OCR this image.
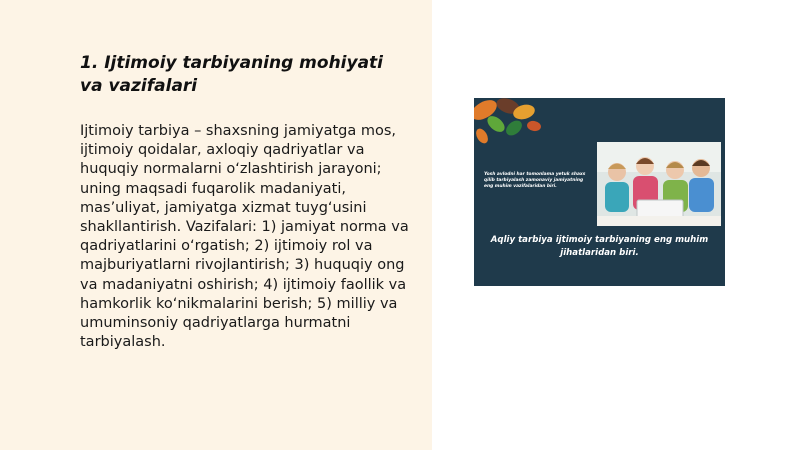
1. Ijtimoiy tarbiyaning mohiyati va vazifalari

Ijtimoiy tarbiya – shaxsning jamiyatga mos, ijtimoiy qoidalar, axloqiy qadriyatlar va huquqiy normalarni o‘zlashtirish jarayoni; uning maqsadi fuqarolik madaniyati, mas’uliyat, jamiyatga xizmat tuyg‘usini shakllantirish. Vazifalari: 1) jamiyat norma va qadriyatlarini o‘rgatish; 2) ijtimoiy rol va majburiyatlarni rivojlantirish; 3) huquqiy ong va madaniyatni oshirish; 4) ijtimoiy faollik va hamkorlik ko‘nikmalarini berish; 5) milliy va umuminsoniy qadriyatlarga hurmatni tarbiyalash.

Yosh avlodni har tomonlama yetuk shaxs qilib tarbiyalash zamonaviy jamiyatning eng muhim vazifalaridan biri.
Aqliy tarbiya ijtimoiy tarbiyaning eng muhim jihatlaridan biri.
